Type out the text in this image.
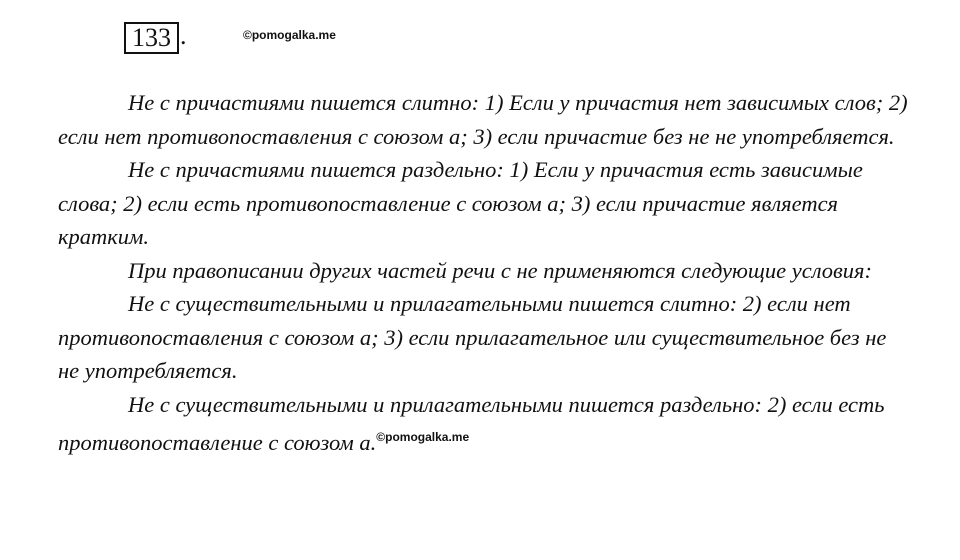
133 .	©pomogalka.me

Не с причастиями пишется слитно: 1) Если у причастия нет зависимых слов; 2) если нет противопоставления с союзом а; 3) если причастие без не не употребляется.

Не с причастиями пишется раздельно: 1) Если у причастия есть зависимые слова; 2) если есть противопоставление с союзом а; 3) если причастие является кратким.

При правописании других частей речи с не применяются следующие условия:

Не с существительными и прилагательными пишется слитно: 2) если нет противопоставления с союзом а; 3) если прилагательное или существительное без не не употребляется.

Не с существительными и прилагательными пишется раздельно: 2) если есть противопоставление с союзом а.$^{©pomogalka.me}$
